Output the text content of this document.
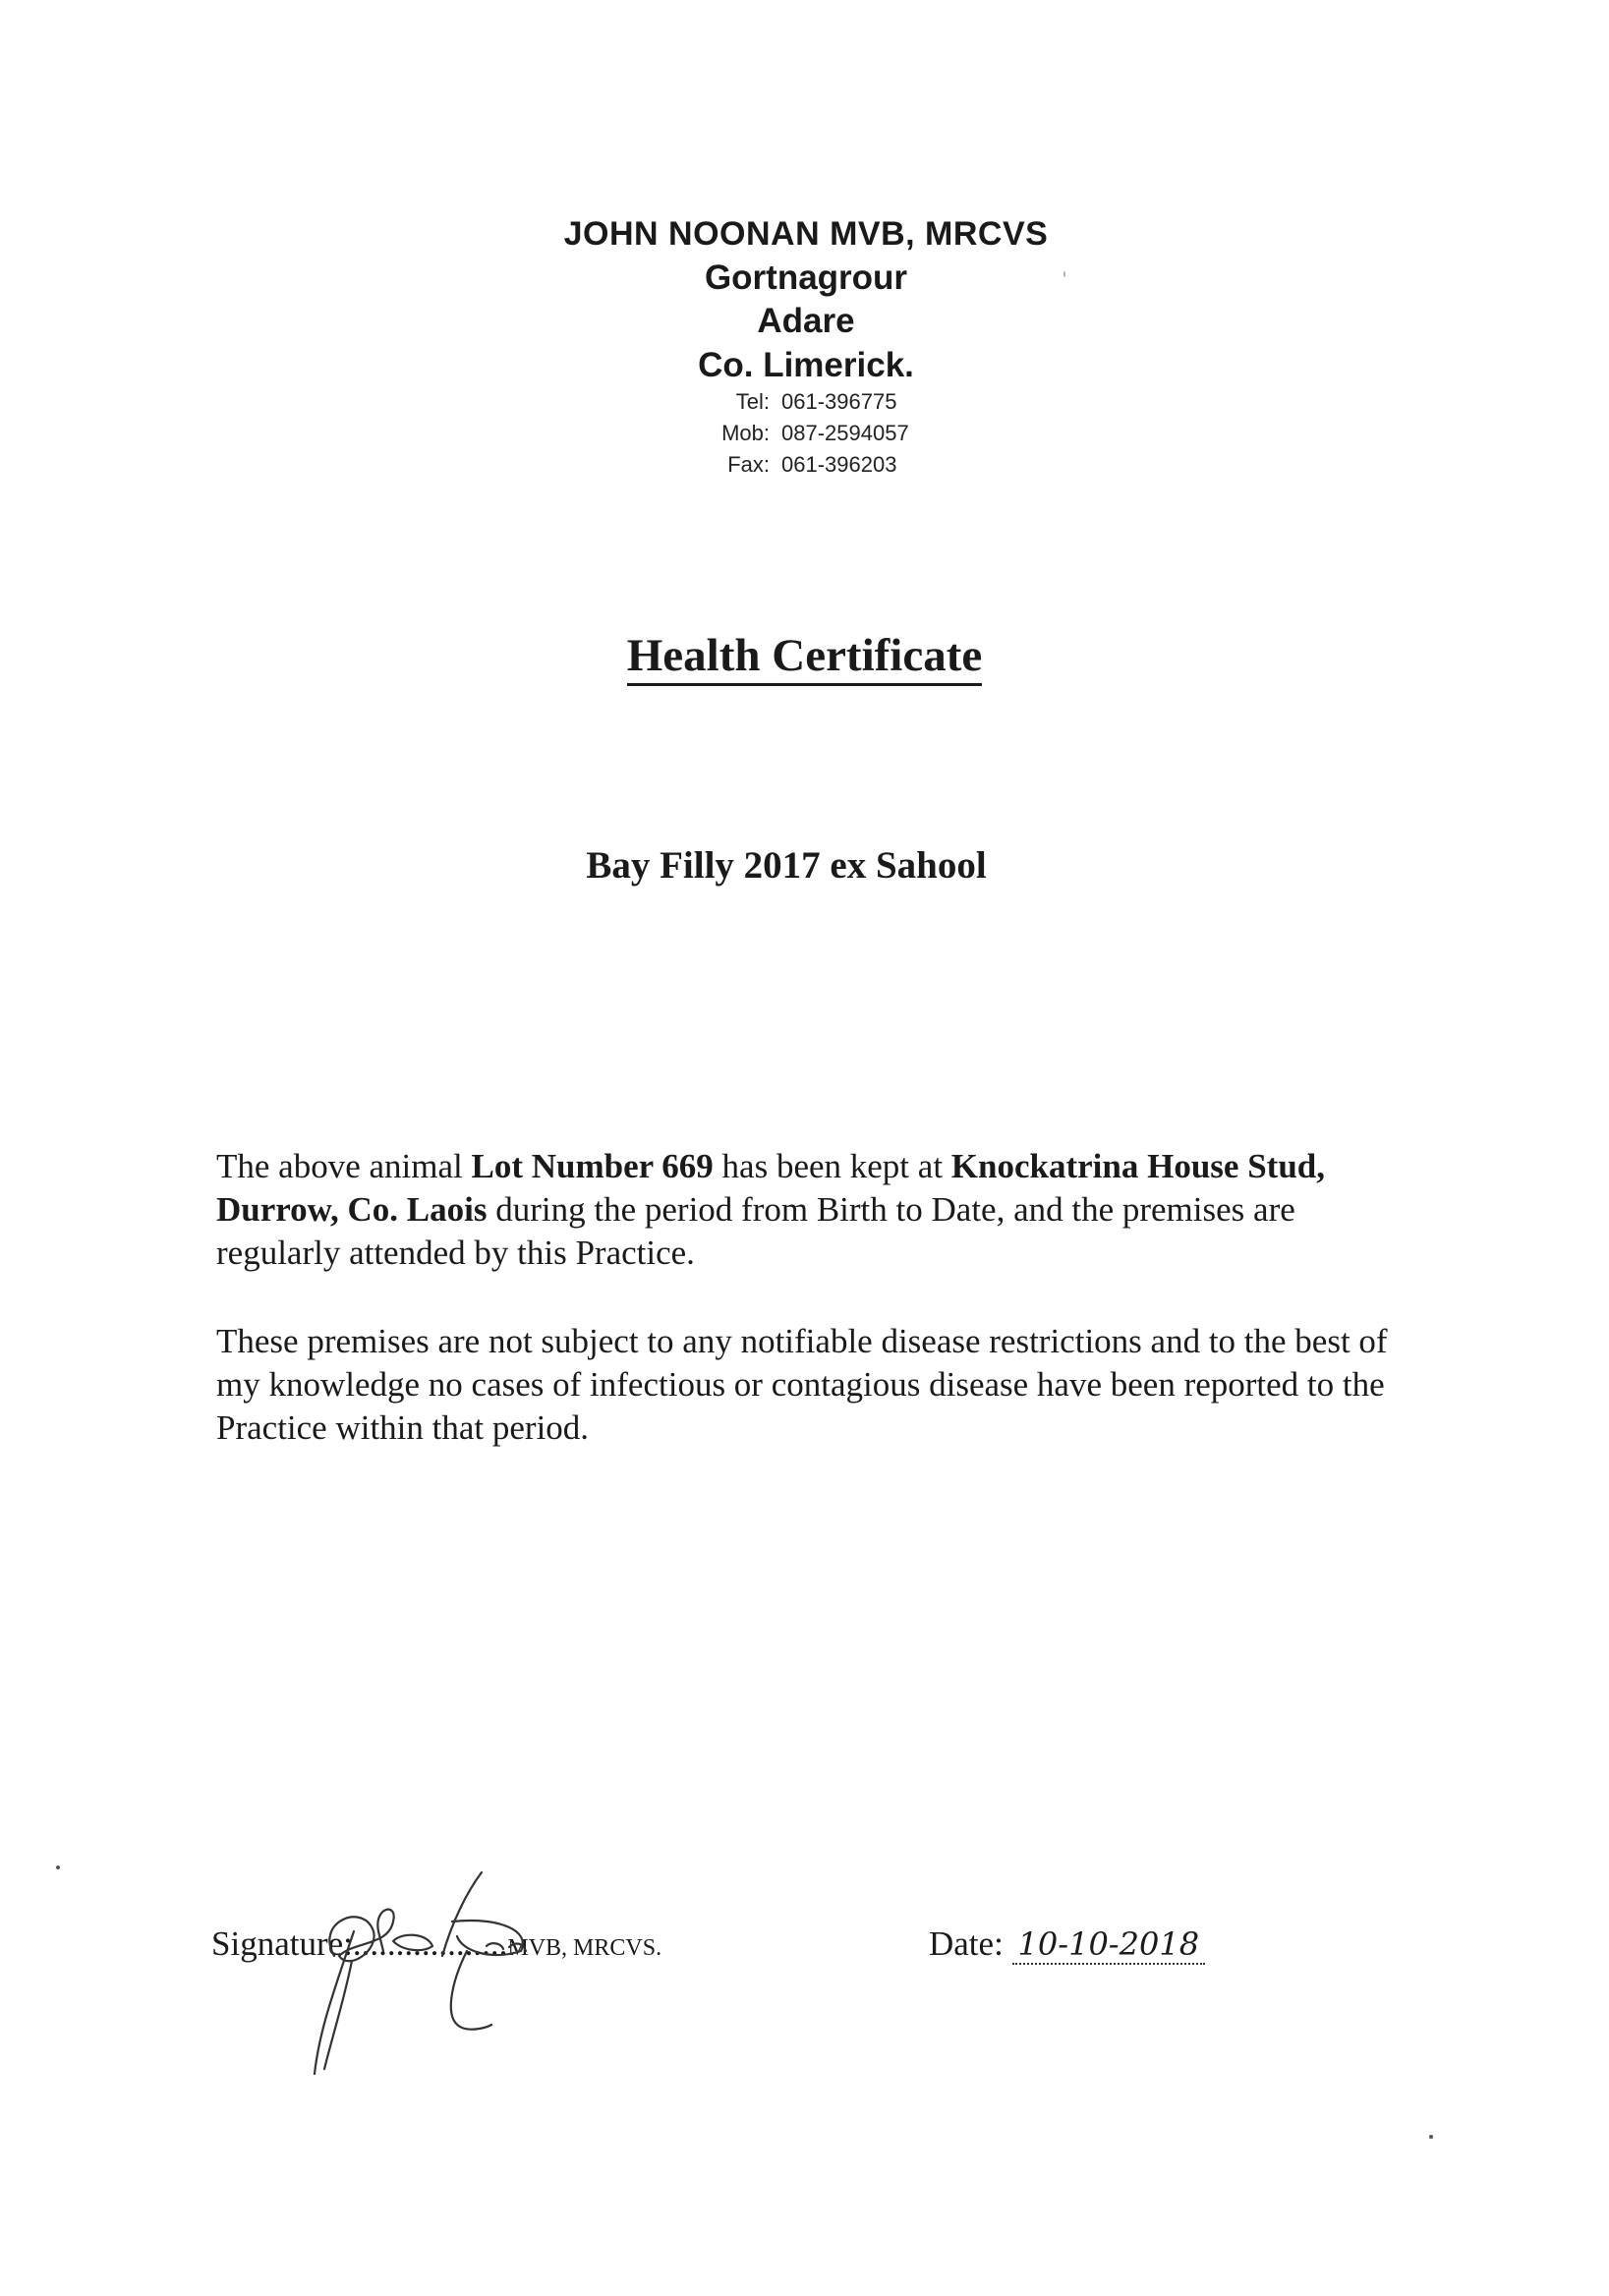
JOHN NOONAN MVB, MRCVS
Gortnagrour
Adare
Co. Limerick.
Tel: 061-396775
Mob: 087-2594057
Fax: 061-396203
Health Certificate
Bay Filly 2017 ex Sahool
The above animal Lot Number 669 has been kept at Knockatrina House Stud, Durrow, Co. Laois during the period from Birth to Date, and the premises are regularly attended by this Practice.
These premises are not subject to any notifiable disease restrictions and to the best of my knowledge no cases of infectious or contagious disease have been reported to the Practice within that period.
Signature:..................MVB, MRCVS.	Date: 10-10-2018
